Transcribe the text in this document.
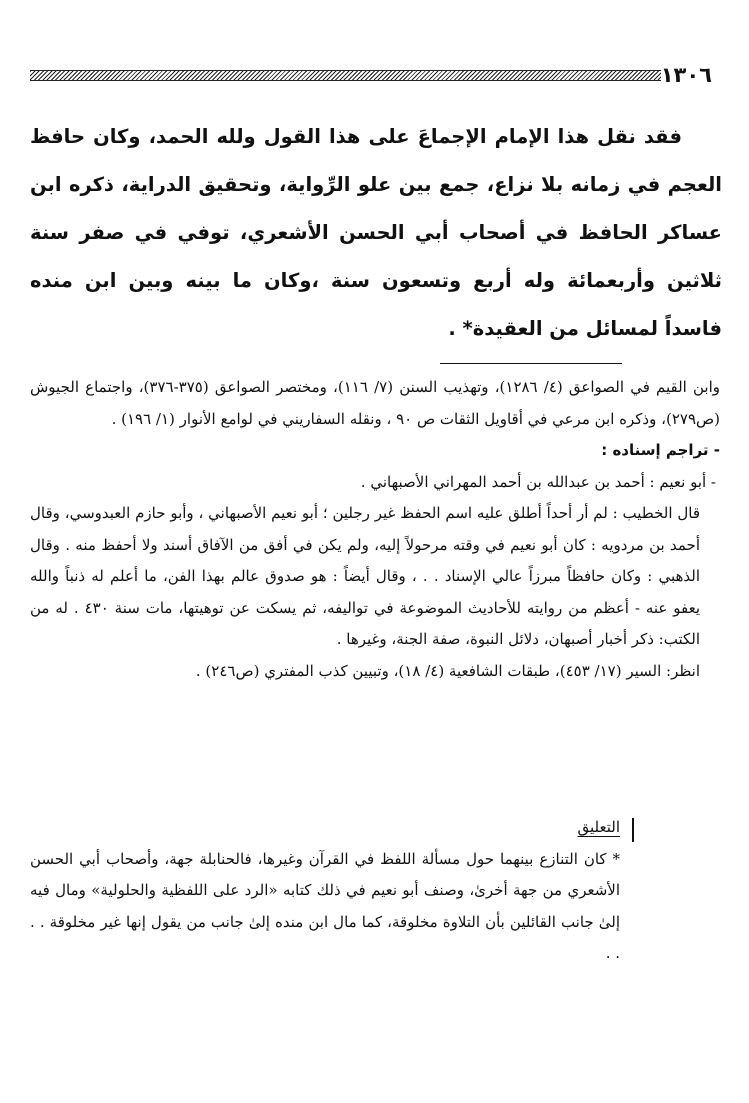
١٣٠٦

فقد نقل هذا الإمام الإجماعَ على هذا القول ولله الحمد، وكان حافظ العجم في زمانه بلا نزاع، جمع بين علو الرِّواية، وتحقيق الدراية، ذكره ابن عساكر الحافظ في أصحاب أبي الحسن الأشعري، توفي في صفر سنة ثلاثين وأربعمائة وله أربع وتسعون سنة ،وكان ما بينه وبين ابن منده فاسداً لمسائل من العقيدة* .

وابن القيم في الصواعق (٤/ ١٢٨٦)، وتهذيب السنن (٧/ ١١٦)، ومختصر الصواعق (٣٧٥-٣٧٦)، واجتماع الجيوش (ص٢٧٩)، وذكره ابن مرعي في أقاويل الثقات ص ٩٠ ، ونقله السفاريني في لوامع الأنوار (١/ ١٩٦) .

- تراجم إسناده :

- أبو نعيم : أحمد بن عبدالله بن أحمد المهراني الأصبهاني .

قال الخطيب : لم أر أحداً أطلق عليه اسم الحفظ غير رجلين ؛ أبو نعيم الأصبهاني ، وأبو حازم العبدوسي، وقال أحمد بن مردويه : كان أبو نعيم في وقته مرحولاً إليه، ولم يكن في أفق من الآفاق أسند ولا أحفظ منه . وقال الذهبي : وكان حافظاً مبرزاً عالي الإسناد . . ، وقال أيضاً : هو صدوق عالم بهذا الفن، ما أعلم له ذنباً والله يعفو عنه - أعظم من روايته للأحاديث الموضوعة في تواليفه، ثم يسكت عن توهيتها، مات سنة ٤٣٠ . له من الكتب: ذكر أخبار أصبهان، دلائل النبوة، صفة الجنة، وغيرها .

انظر: السير (١٧/ ٤٥٣)، طبقات الشافعية (٤/ ١٨)، وتبيين كذب المفتري (ص٢٤٦) .

التعليق

* كان التنازع بينهما حول مسألة اللفظ في القرآن وغيرها، فالحنابلة جهة، وأصحاب أبي الحسن الأشعري من جهة أخرىٰ، وصنف أبو نعيم في ذلك كتابه «الرد على اللفظية والحلولية» ومال فيه إلىٰ جانب القائلين بأن التلاوة مخلوقة، كما مال ابن منده إلىٰ جانب من يقول إنها غير مخلوقة . . . .
